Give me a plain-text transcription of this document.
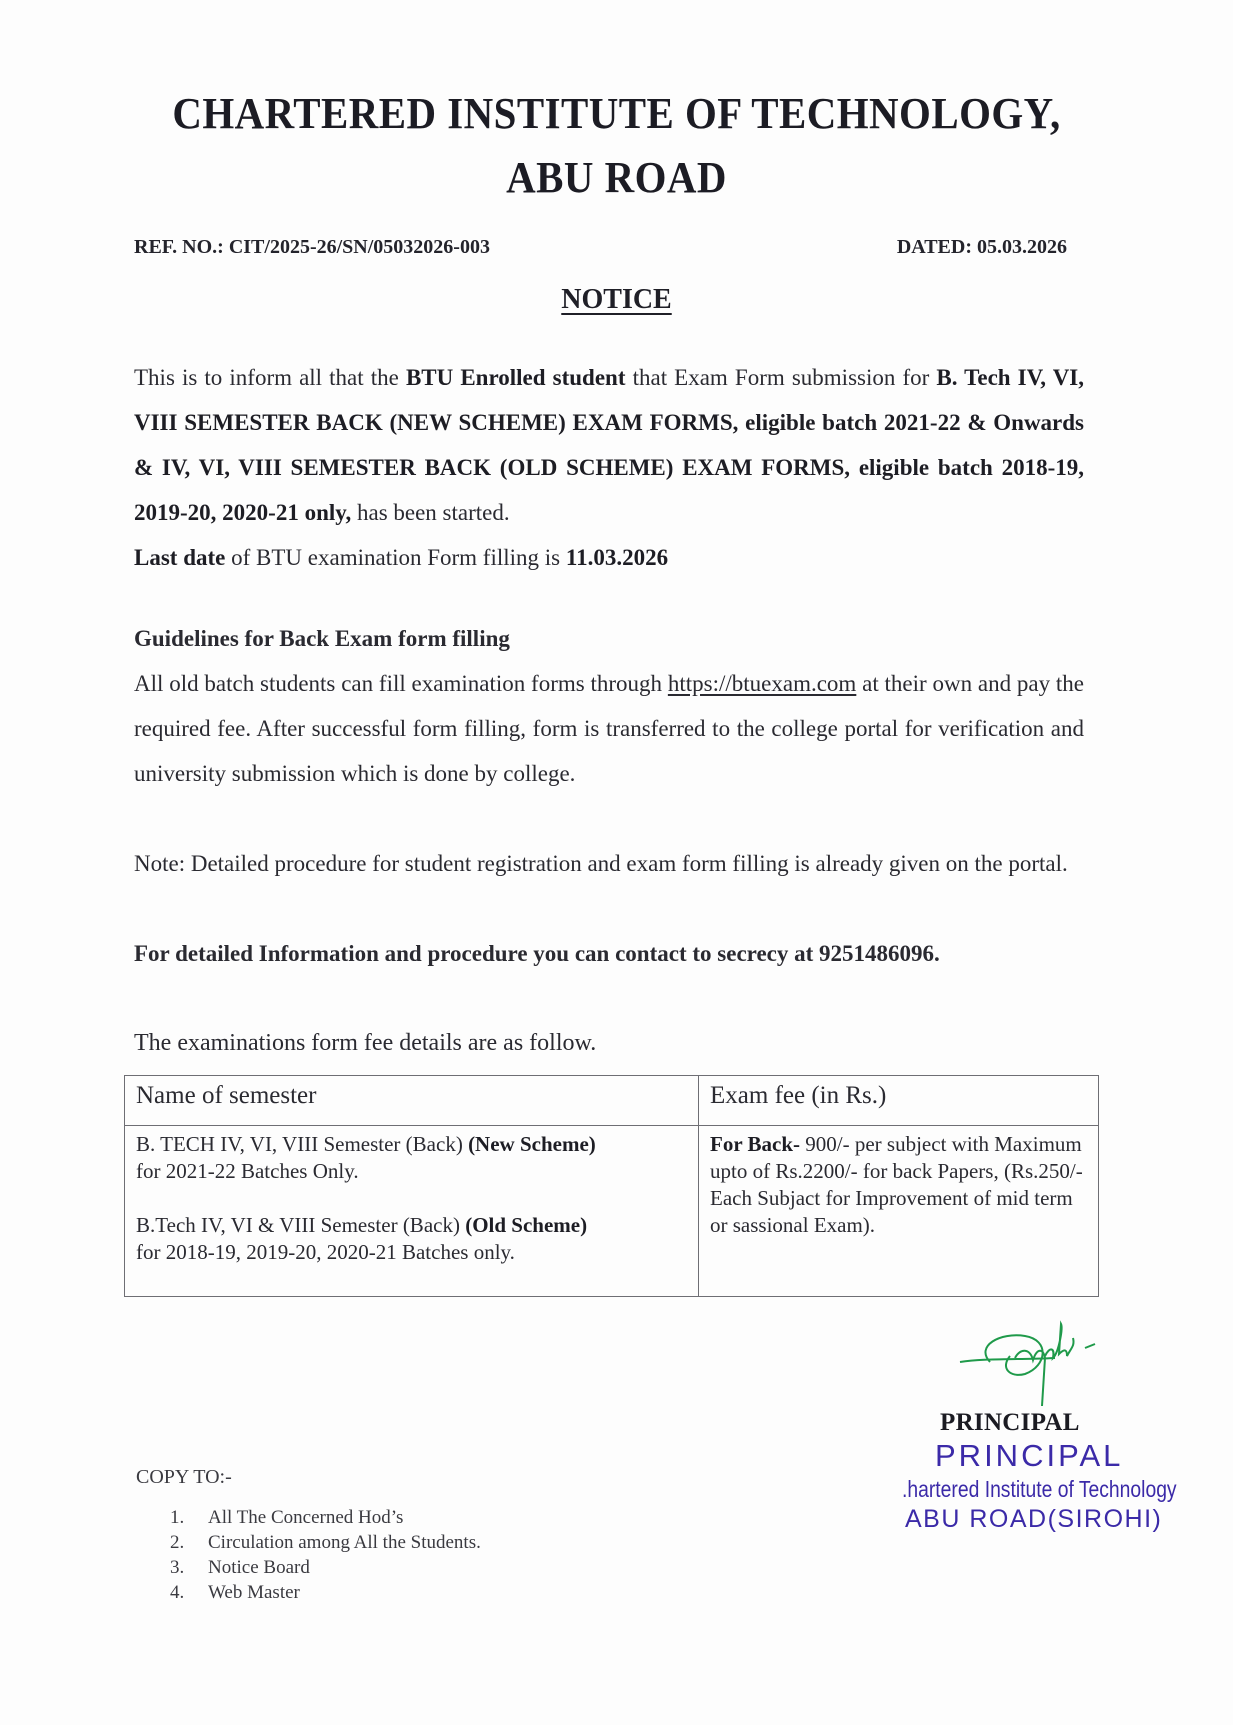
CHARTERED INSTITUTE OF TECHNOLOGY,
ABU ROAD
REF. NO.: CIT/2025-26/SN/05032026-003	DATED: 05.03.2026
NOTICE
This is to inform all that the BTU Enrolled student that Exam Form submission for B. Tech IV, VI, VIII SEMESTER BACK (NEW SCHEME) EXAM FORMS, eligible batch 2021-22 & Onwards & IV, VI, VIII SEMESTER BACK (OLD SCHEME) EXAM FORMS, eligible batch 2018-19, 2019-20, 2020-21 only, has been started.
Last date of BTU examination Form filling is 11.03.2026
Guidelines for Back Exam form filling
All old batch students can fill examination forms through https://btuexam.com at their own and pay the required fee. After successful form filling, form is transferred to the college portal for verification and university submission which is done by college.
Note: Detailed procedure for student registration and exam form filling is already given on the portal.
For detailed Information and procedure you can contact to secrecy at 9251486096.
The examinations form fee details are as follow.
Name of semester	Exam fee (in Rs.)

B. TECH IV, VI, VIII Semester (Back) (New Scheme)
for 2021-22 Batches Only.
B.Tech IV, VI & VIII Semester (Back) (Old Scheme)
for 2018-19, 2019-20, 2020-21 Batches only.	For Back- 900/- per subject with Maximum upto of Rs.2200/- for back Papers, (Rs.250/- Each Subjact for Improvement of mid term or sassional Exam).
PRINCIPAL
PRINCIPAL
.hartered Institute of Technology
ABU ROAD(SIROHI)
COPY TO:-
1. All The Concerned Hod’s
2. Circulation among All the Students.
3. Notice Board
4. Web Master
